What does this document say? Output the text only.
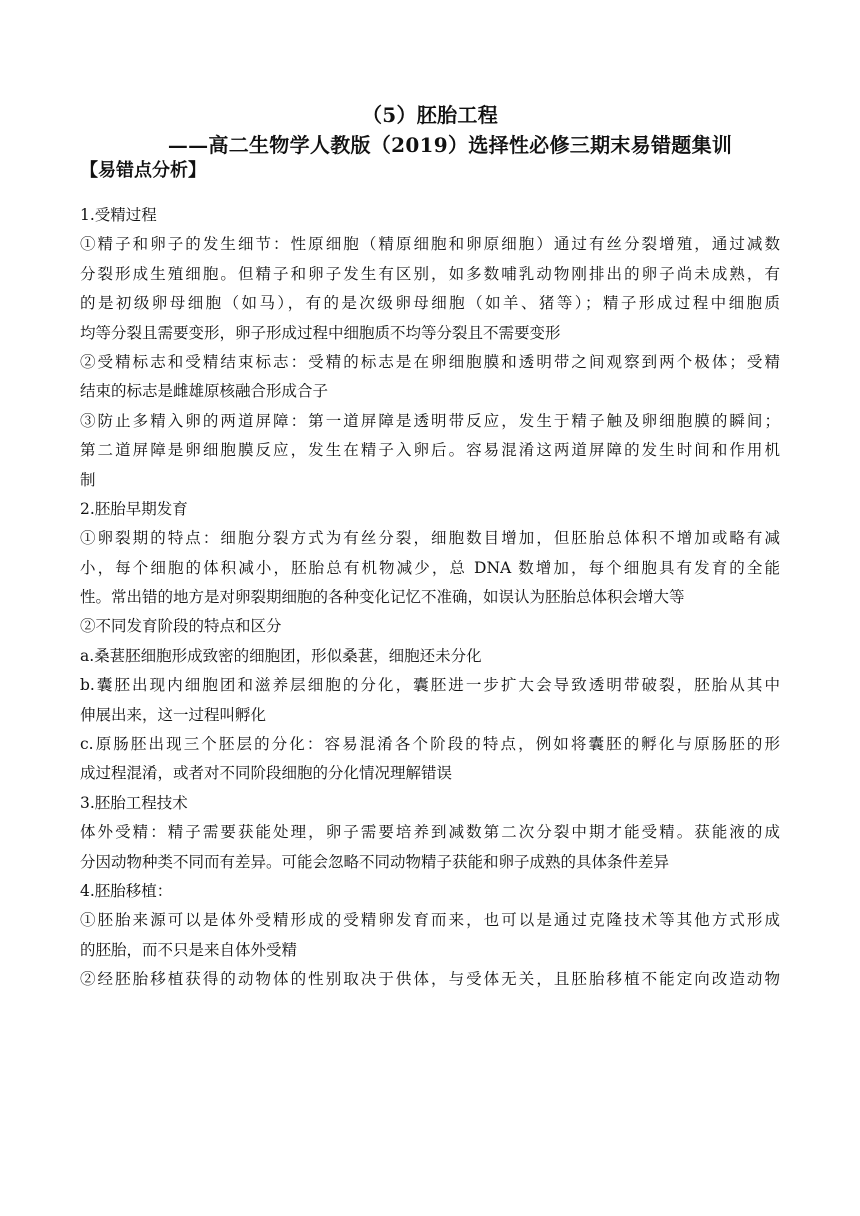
（5）胚胎工程
——高二生物学人教版（2019）选择性必修三期末易错题集训
【易错点分析】
1.受精过程
①精子和卵子的发生细节：性原细胞（精原细胞和卵原细胞）通过有丝分裂增殖，通过减数
分裂形成生殖细胞。但精子和卵子发生有区别，如多数哺乳动物刚排出的卵子尚未成熟，有
的是初级卵母细胞（如马），有的是次级卵母细胞（如羊、猪等）；精子形成过程中细胞质
均等分裂且需要变形，卵子形成过程中细胞质不均等分裂且不需要变形
②受精标志和受精结束标志：受精的标志是在卵细胞膜和透明带之间观察到两个极体；受精
结束的标志是雌雄原核融合形成合子
③防止多精入卵的两道屏障：第一道屏障是透明带反应，发生于精子触及卵细胞膜的瞬间；
第二道屏障是卵细胞膜反应，发生在精子入卵后。容易混淆这两道屏障的发生时间和作用机
制
2.胚胎早期发育
①卵裂期的特点：细胞分裂方式为有丝分裂，细胞数目增加，但胚胎总体积不增加或略有减
小，每个细胞的体积减小，胚胎总有机物减少，总 DNA 数增加，每个细胞具有发育的全能
性。常出错的地方是对卵裂期细胞的各种变化记忆不准确，如误认为胚胎总体积会增大等
②不同发育阶段的特点和区分
a.桑葚胚细胞形成致密的细胞团，形似桑葚，细胞还未分化
b.囊胚出现内细胞团和滋养层细胞的分化，囊胚进一步扩大会导致透明带破裂，胚胎从其中
伸展出来，这一过程叫孵化
c.原肠胚出现三个胚层的分化：容易混淆各个阶段的特点，例如将囊胚的孵化与原肠胚的形
成过程混淆，或者对不同阶段细胞的分化情况理解错误
3.胚胎工程技术
体外受精：精子需要获能处理，卵子需要培养到减数第二次分裂中期才能受精。获能液的成
分因动物种类不同而有差异。可能会忽略不同动物精子获能和卵子成熟的具体条件差异
4.胚胎移植：
①胚胎来源可以是体外受精形成的受精卵发育而来，也可以是通过克隆技术等其他方式形成
的胚胎，而不只是来自体外受精
②经胚胎移植获得的动物体的性别取决于供体，与受体无关，且胚胎移植不能定向改造动物
